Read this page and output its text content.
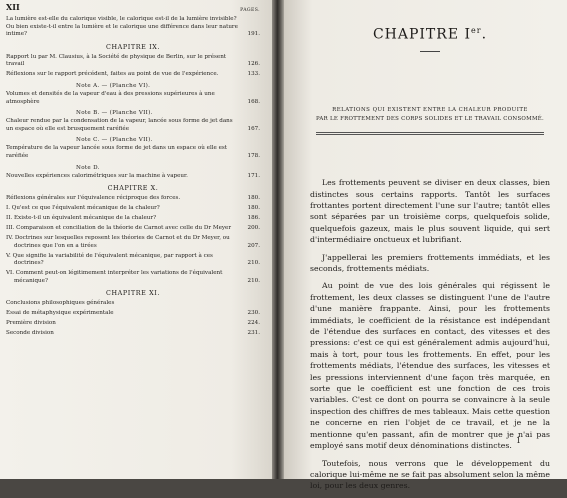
XII	PAGES.
La lumière est-elle du calorique visible, le calorique est-il de la lumière invisible? Ou bien existe-t-il entre la lumière et le calorique une différence dans leur nature intime?	191.
CHAPITRE IX.
Rapport lu par M. Clausius, à la Société de physique de Berlin, sur le présent travail	126.
Réflexions sur le rapport précédent, faites au point de vue de l'expérience.	133.
Note A. — (Planche VI).
Volumes et densités de la vapeur d'eau à des pressions supérieures à une atmosphère	168.
Note B. — (Planche VII).
Chaleur rendue par la condensation de la vapeur, lancée sous forme de jet dans un espace où elle est brusquement raréfiée	167.
Note C. — (Planche VII).
Température de la vapeur lancée sous forme de jet dans un espace où elle est raréfiée	178.
Note D.
Nouvelles expériences calorimétriques sur la machine à vapeur.	171.
CHAPITRE X.
Réflexions générales sur l'équivalence réciproque des forces.	180.
I. Qu'est ce que l'équivalent mécanique de la chaleur?	180.
II. Existe-t-il un équivalent mécanique de la chaleur?	186.
III. Comparaison et conciliation de la théorie de Carnot avec celle du Dr Meyer	200.
IV. Doctrines sur lesquelles reposent les théories de Carnot et du Dr Meyer, ou doctrines que l'on en a tirées	207.
V. Que signifie la variabilité de l'équivalent mécanique, par rapport à ces doctrines?	210.
VI. Comment peut-on légitimement interpréter les variations de l'équivalent mécanique?	210.
CHAPITRE XI.
Conclusions philosophiques générales
Essai de métaphysique expérimentale	230.
Première division	224.
Seconde division	231.
CHAPITRE Ier.
RELATIONS QUI EXISTENT ENTRE LA CHALEUR PRODUITE
PAR LE FROTTEMENT DES CORPS SOLIDES ET LE TRAVAIL CONSOMMÉ.

Les frottements peuvent se diviser en deux classes, bien distinctes sous certains rapports. Tantôt les surfaces frottantes portent directement l'une sur l'autre; tantôt elles sont séparées par un troisième corps, quelquefois solide, quelquefois gazeux, mais le plus souvent liquide, qui sert d'intermédiaire onctueux et lubrifiant.

J'appellerai les premiers frottements immédiats, et les seconds, frottements médiats.

Au point de vue des lois générales qui régissent le frottement, les deux classes se distinguent l'une de l'autre d'une manière frappante. Ainsi, pour les frottements immédiats, le coefficient de la résistance est indépendant de l'étendue des surfaces en contact, des vitesses et des pressions: c'est ce qui est généralement admis aujourd'hui, mais à tort, pour tous les frottements. En effet, pour les frottements médiats, l'étendue des surfaces, les vitesses et les pressions interviennent d'une façon très marquée, en sorte que le coefficient est une fonction de ces trois variables. C'est ce dont on pourra se convaincre à la seule inspection des chiffres de mes tableaux. Mais cette question ne concerne en rien l'objet de ce travail, et je ne la mentionne qu'en passant, afin de montrer que je n'ai pas employé sans motif deux dénominations distinctes.

Toutefois, nous verrons que le développement du calorique lui-même ne se fait pas absolument selon la même loi, pour les deux genres.

1
